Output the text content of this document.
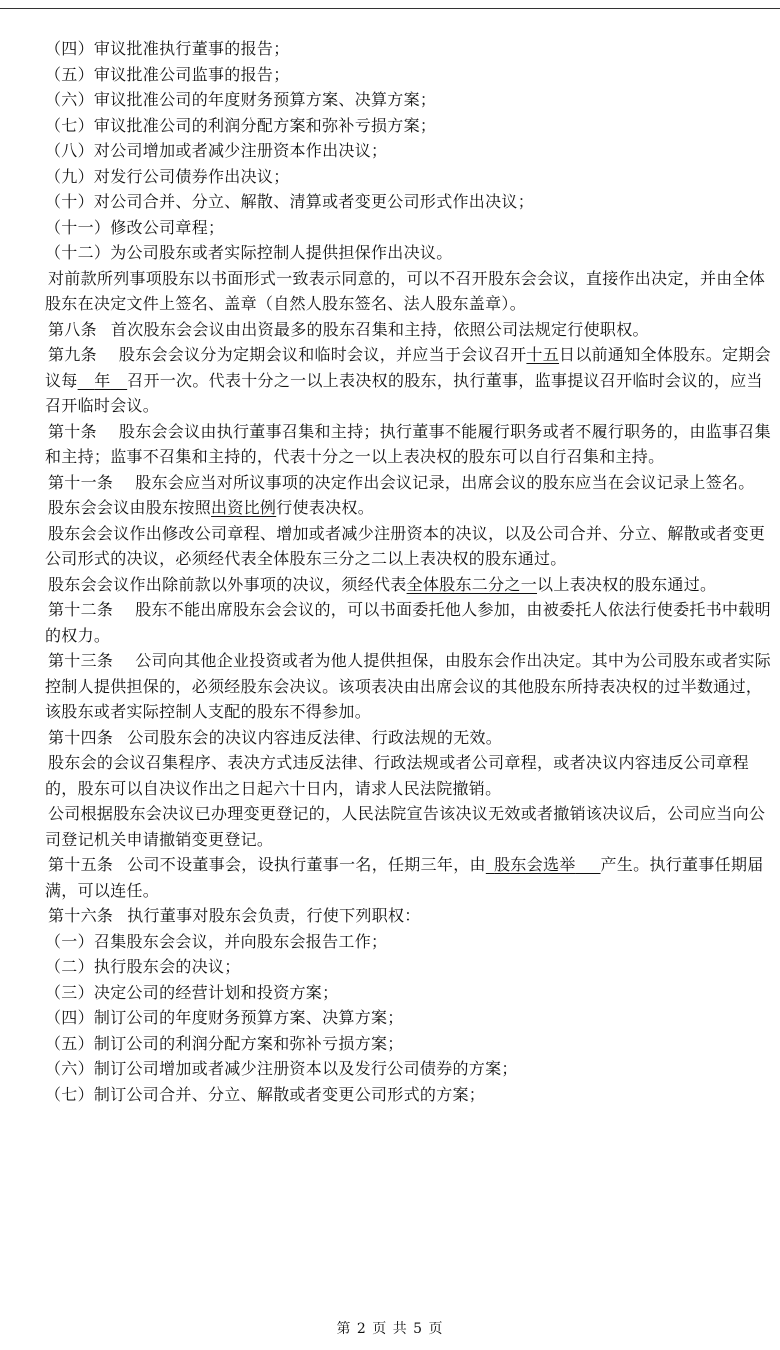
（四）审议批准执行董事的报告；

（五）审议批准公司监事的报告；

（六）审议批准公司的年度财务预算方案、决算方案；

（七）审议批准公司的利润分配方案和弥补亏损方案；

（八）对公司增加或者减少注册资本作出决议；

（九）对发行公司债券作出决议；

（十）对公司合并、分立、解散、清算或者变更公司形式作出决议；

（十一）修改公司章程；

（十二）为公司股东或者实际控制人提供担保作出决议。

对前款所列事项股东以书面形式一致表示同意的，可以不召开股东会会议，直接作出决定，并由全体股东在决定文件上签名、盖章（自然人股东签名、法人股东盖章）。

第八条 首次股东会会议由出资最多的股东召集和主持，依照公司法规定行使职权。

第九条 股东会会议分为定期会议和临时会议，并应当于会议召开十五日以前通知全体股东。定期会议每   年   召开一次。代表十分之一以上表决权的股东，执行董事，监事提议召开临时会议的，应当召开临时会议。

第十条 股东会会议由执行董事召集和主持；执行董事不能履行职务或者不履行职务的，由监事召集和主持；监事不召集和主持的，代表十分之一以上表决权的股东可以自行召集和主持。

第十一条 股东会应当对所议事项的决定作出会议记录，出席会议的股东应当在会议记录上签名。

股东会会议由股东按照出资比例行使表决权。

股东会会议作出修改公司章程、增加或者减少注册资本的决议，以及公司合并、分立、解散或者变更公司形式的决议，必须经代表全体股东三分之二以上表决权的股东通过。

股东会会议作出除前款以外事项的决议，须经代表全体股东二分之一以上表决权的股东通过。

第十二条 股东不能出席股东会会议的，可以书面委托他人参加，由被委托人依法行使委托书中载明的权力。

第十三条 公司向其他企业投资或者为他人提供担保，由股东会作出决定。其中为公司股东或者实际控制人提供担保的，必须经股东会决议。该项表决由出席会议的其他股东所持表决权的过半数通过，该股东或者实际控制人支配的股东不得参加。

第十四条 公司股东会的决议内容违反法律、行政法规的无效。

股东会的会议召集程序、表决方式违反法律、行政法规或者公司章程，或者决议内容违反公司章程的，股东可以自决议作出之日起六十日内，请求人民法院撤销。

公司根据股东会决议已办理变更登记的，人民法院宣告该决议无效或者撤销该决议后，公司应当向公司登记机关申请撤销变更登记。

第十五条 公司不设董事会，设执行董事一名，任期三年，由  股东会选举    产生。执行董事任期届满，可以连任。

第十六条 执行董事对股东会负责，行使下列职权：

（一）召集股东会会议，并向股东会报告工作；

（二）执行股东会的决议；

（三）决定公司的经营计划和投资方案；

（四）制订公司的年度财务预算方案、决算方案；

（五）制订公司的利润分配方案和弥补亏损方案；

（六）制订公司增加或者减少注册资本以及发行公司债券的方案；

（七）制订公司合并、分立、解散或者变更公司形式的方案；

第 2 页 共 5 页
